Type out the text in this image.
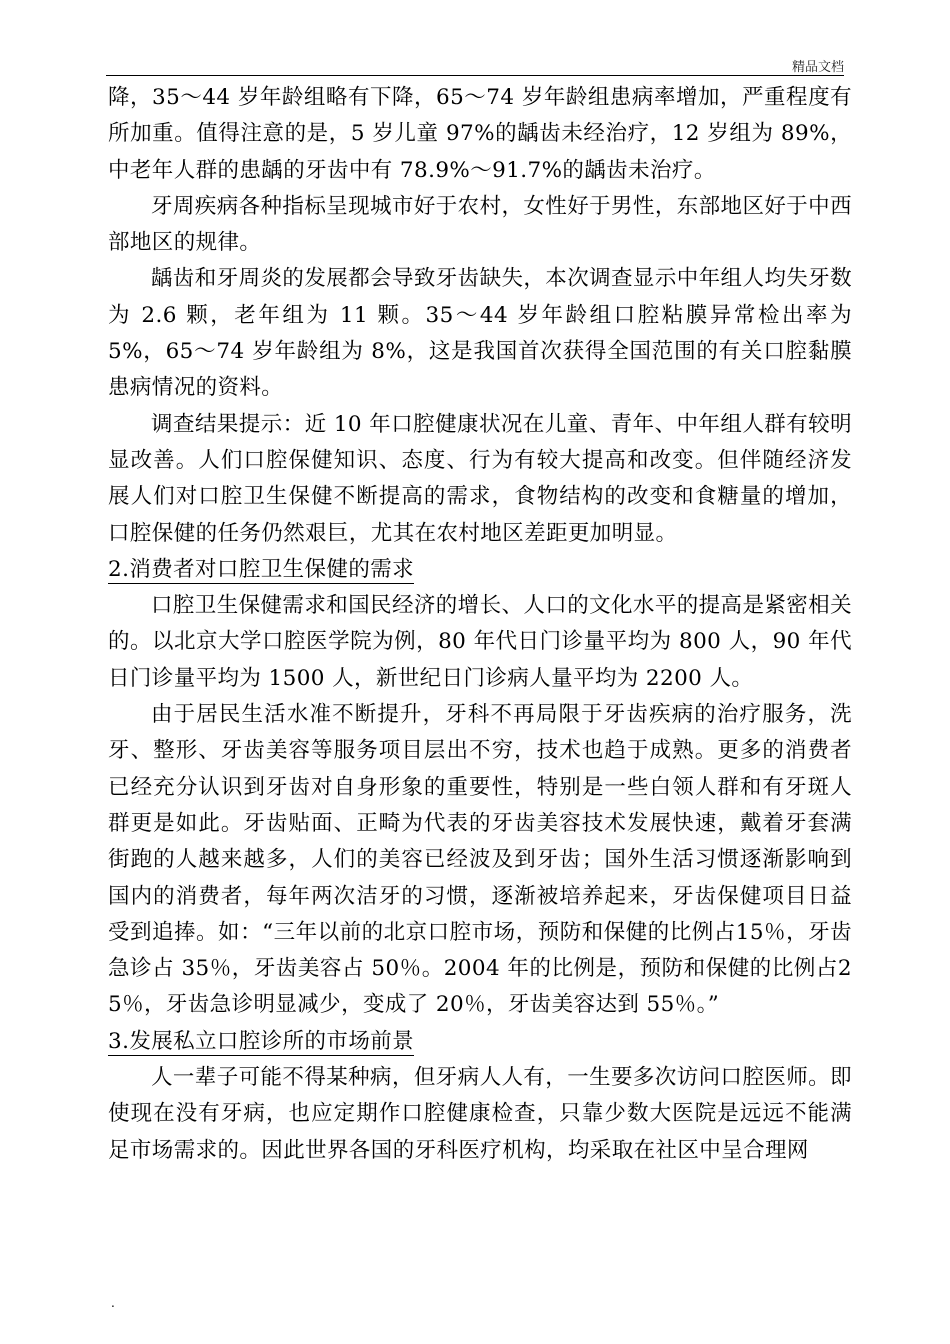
精品文档

降，35～44 岁年龄组略有下降，65～74 岁年龄组患病率增加，严重程度有所加重。值得注意的是，5 岁儿童 97%的龋齿未经治疗，12 岁组为 89%，中老年人群的患龋的牙齿中有 78.9%～91.7%的龋齿未治疗。

牙周疾病各种指标呈现城市好于农村，女性好于男性，东部地区好于中西部地区的规律。

龋齿和牙周炎的发展都会导致牙齿缺失，本次调查显示中年组人均失牙数为 2.6 颗，老年组为 11 颗。35～44 岁年龄组口腔粘膜异常检出率为 5%，65～74 岁年龄组为 8%，这是我国首次获得全国范围的有关口腔黏膜患病情况的资料。

调查结果提示：近 10 年口腔健康状况在儿童、青年、中年组人群有较明显改善。人们口腔保健知识、态度、行为有较大提高和改变。但伴随经济发展人们对口腔卫生保健不断提高的需求，食物结构的改变和食糖量的增加，口腔保健的任务仍然艰巨，尤其在农村地区差距更加明显。

2.消费者对口腔卫生保健的需求

口腔卫生保健需求和国民经济的增长、人口的文化水平的提高是紧密相关的。以北京大学口腔医学院为例，80 年代日门诊量平均为 800 人，90 年代日门诊量平均为 1500 人，新世纪日门诊病人量平均为 2200 人。

由于居民生活水准不断提升，牙科不再局限于牙齿疾病的治疗服务，洗牙、整形、牙齿美容等服务项目层出不穷，技术也趋于成熟。更多的消费者已经充分认识到牙齿对自身形象的重要性，特别是一些白领人群和有牙斑人群更是如此。牙齿贴面、正畸为代表的牙齿美容技术发展快速，戴着牙套满街跑的人越来越多，人们的美容已经波及到牙齿；国外生活习惯逐渐影响到国内的消费者，每年两次洁牙的习惯，逐渐被培养起来，牙齿保健项目日益受到追捧。如：“三年以前的北京口腔市场，预防和保健的比例占15％，牙齿急诊占 35％，牙齿美容占 50％。2004 年的比例是，预防和保健的比例占25％，牙齿急诊明显减少，变成了 20％，牙齿美容达到 55％。”

3.发展私立口腔诊所的市场前景

人一辈子可能不得某种病，但牙病人人有，一生要多次访问口腔医师。即使现在没有牙病，也应定期作口腔健康检查，只靠少数大医院是远远不能满足市场需求的。因此世界各国的牙科医疗机构，均采取在社区中呈合理网

.
